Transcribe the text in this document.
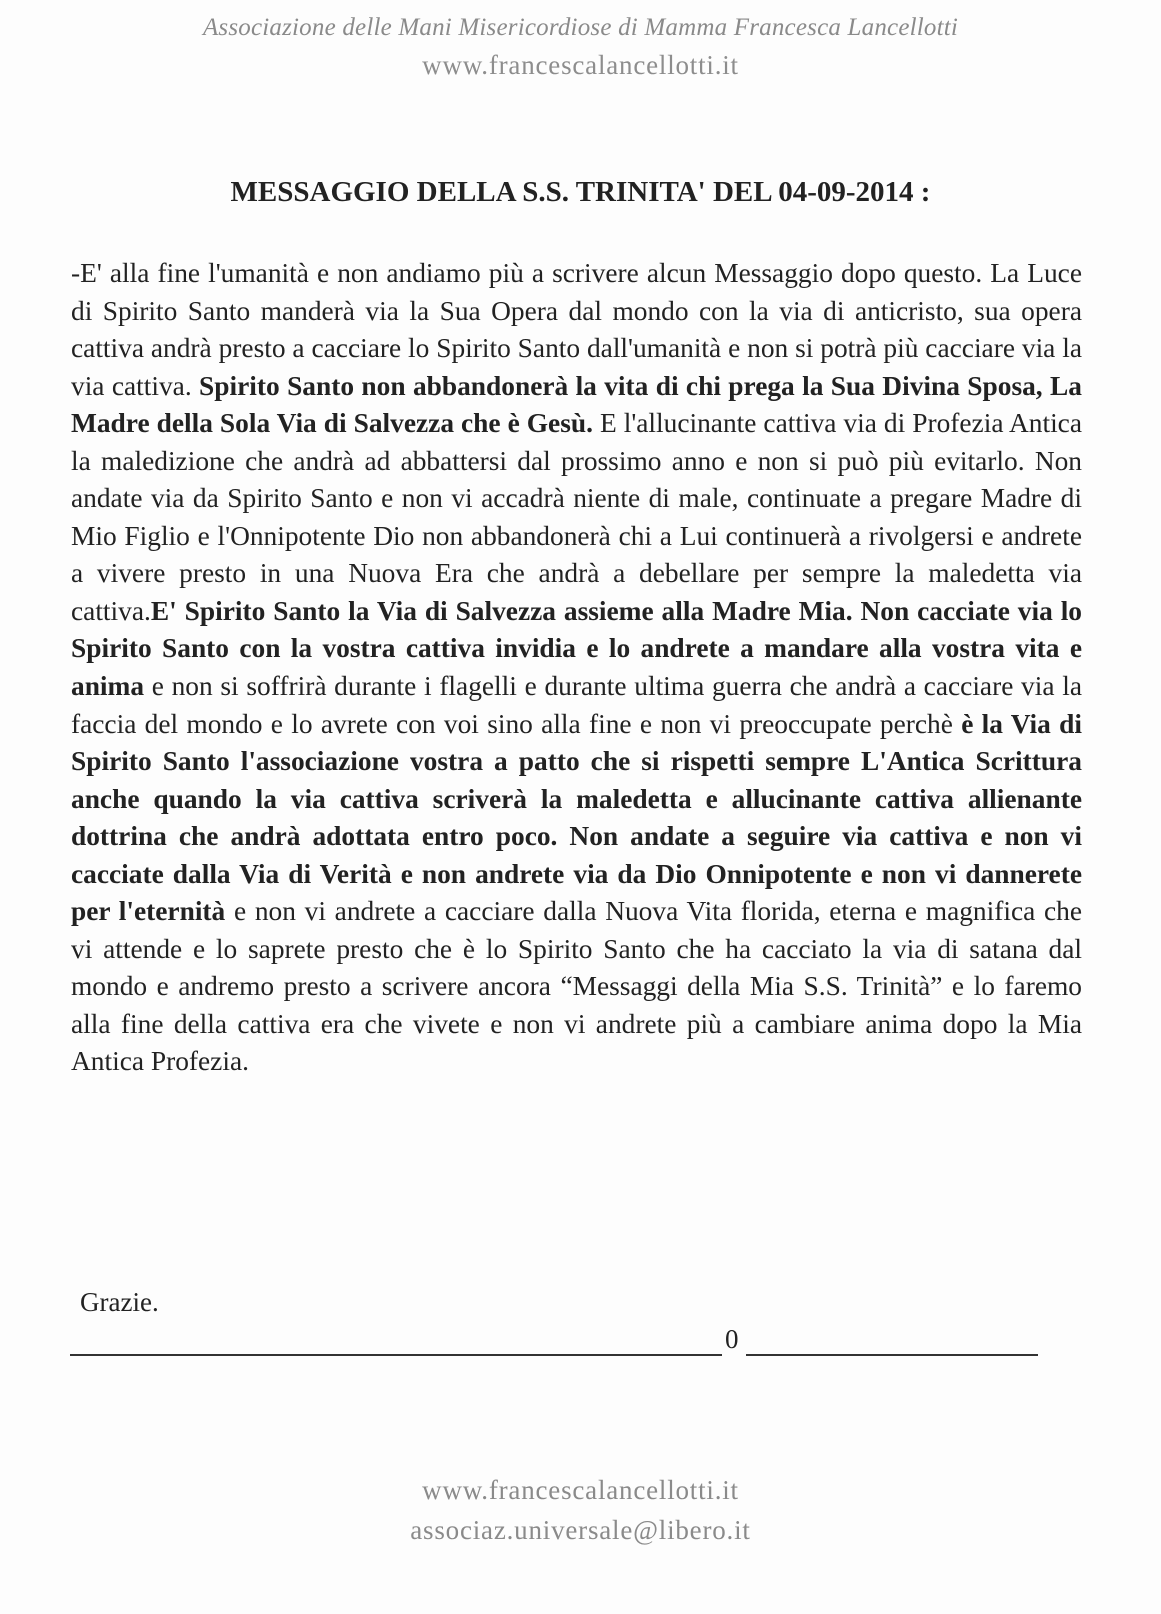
Associazione delle Mani Misericordiose di Mamma Francesca Lancellotti
www.francescalancellotti.it
MESSAGGIO DELLA S.S. TRINITA' DEL 04-09-2014 :
-E' alla fine l'umanità e non andiamo più a scrivere alcun Messaggio dopo questo. La Luce di Spirito Santo manderà via la Sua Opera dal mondo con la via di anticristo, sua opera cattiva andrà presto a cacciare lo Spirito Santo dall'umanità e non si potrà più cacciare via la via cattiva. Spirito Santo non abbandonerà la vita di chi prega la Sua Divina Sposa, La Madre della Sola Via di Salvezza che è Gesù. E l'allucinante cattiva via di Profezia Antica la maledizione che andrà ad abbattersi dal prossimo anno e non si può più evitarlo. Non andate via da Spirito Santo e non vi accadrà niente di male, continuate a pregare Madre di Mio Figlio e l'Onnipotente Dio non abbandonerà chi a Lui continuerà a rivolgersi e andrete a vivere presto in una Nuova Era che andrà a debellare per sempre la maledetta via cattiva.E' Spirito Santo la Via di Salvezza assieme alla Madre Mia. Non cacciate via lo Spirito Santo con la vostra cattiva invidia e lo andrete a mandare alla vostra vita e anima e non si soffrirà durante i flagelli e durante ultima guerra che andrà a cacciare via la faccia del mondo e lo avrete con voi sino alla fine e non vi preoccupate perchè è la Via di Spirito Santo l'associazione vostra a patto che si rispetti sempre L'Antica Scrittura anche quando la via cattiva scriverà la maledetta e allucinante cattiva allienante dottrina che andrà adottata entro poco. Non andate a seguire via cattiva e non vi cacciate dalla Via di Verità e non andrete via da Dio Onnipotente e non vi dannerete per l'eternità e non vi andrete a cacciare dalla Nuova Vita florida, eterna e magnifica che vi attende e lo saprete presto che è lo Spirito Santo che ha cacciato la via di satana dal mondo e andremo presto a scrivere ancora “Messaggi della Mia S.S. Trinità” e lo faremo alla fine della cattiva era che vivete e non vi andrete più a cambiare anima dopo la Mia Antica Profezia.
Grazie.
0
www.francescalancellotti.it
associaz.universale@libero.it
